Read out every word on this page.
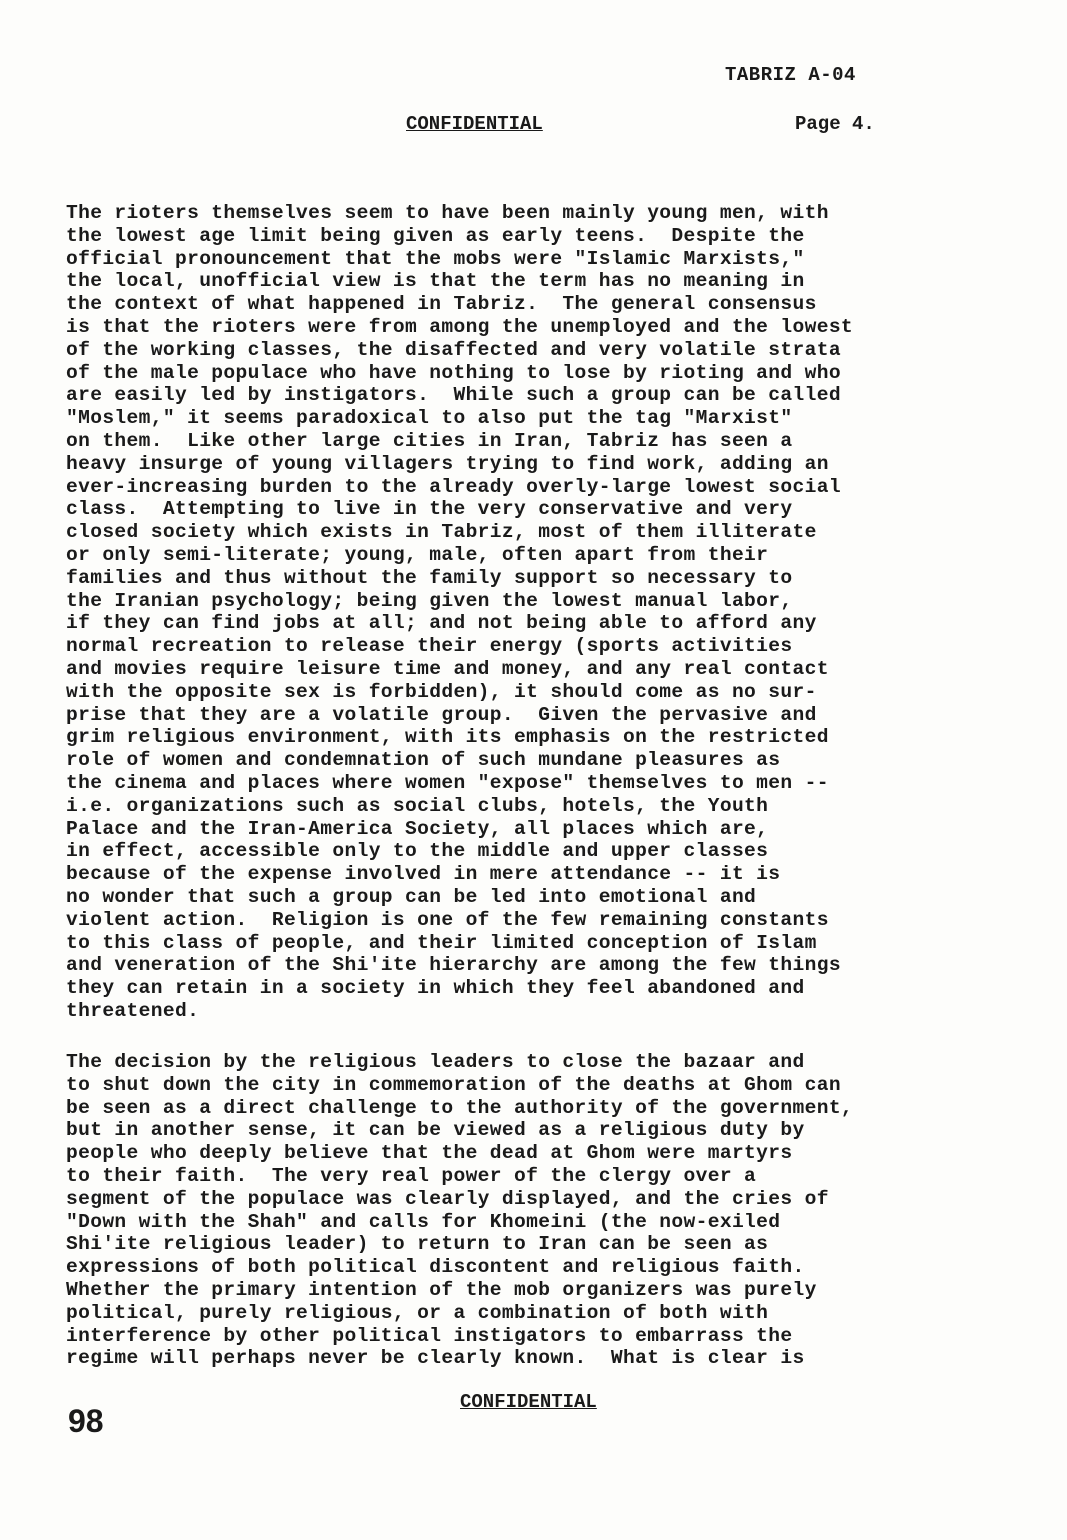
TABRIZ A-04
CONFIDENTIAL	Page 4.

The rioters themselves seem to have been mainly young men, with
the lowest age limit being given as early teens.  Despite the
official pronouncement that the mobs were "Islamic Marxists,"
the local, unofficial view is that the term has no meaning in
the context of what happened in Tabriz.  The general consensus
is that the rioters were from among the unemployed and the lowest
of the working classes, the disaffected and very volatile strata
of the male populace who have nothing to lose by rioting and who
are easily led by instigators.  While such a group can be called
"Moslem," it seems paradoxical to also put the tag "Marxist"
on them.  Like other large cities in Iran, Tabriz has seen a
heavy insurge of young villagers trying to find work, adding an
ever-increasing burden to the already overly-large lowest social
class.  Attempting to live in the very conservative and very
closed society which exists in Tabriz, most of them illiterate
or only semi-literate; young, male, often apart from their
families and thus without the family support so necessary to
the Iranian psychology; being given the lowest manual labor,
if they can find jobs at all; and not being able to afford any
normal recreation to release their energy (sports activities
and movies require leisure time and money, and any real contact
with the opposite sex is forbidden), it should come as no sur-
prise that they are a volatile group.  Given the pervasive and
grim religious environment, with its emphasis on the restricted
role of women and condemnation of such mundane pleasures as
the cinema and places where women "expose" themselves to men --
i.e. organizations such as social clubs, hotels, the Youth
Palace and the Iran-America Society, all places which are,
in effect, accessible only to the middle and upper classes
because of the expense involved in mere attendance -- it is
no wonder that such a group can be led into emotional and
violent action.  Religion is one of the few remaining constants
to this class of people, and their limited conception of Islam
and veneration of the Shi'ite hierarchy are among the few things
they can retain in a society in which they feel abandoned and
threatened.

The decision by the religious leaders to close the bazaar and
to shut down the city in commemoration of the deaths at Ghom can
be seen as a direct challenge to the authority of the government,
but in another sense, it can be viewed as a religious duty by
people who deeply believe that the dead at Ghom were martyrs
to their faith.  The very real power of the clergy over a
segment of the populace was clearly displayed, and the cries of
"Down with the Shah" and calls for Khomeini (the now-exiled
Shi'ite religious leader) to return to Iran can be seen as
expressions of both political discontent and religious faith.
Whether the primary intention of the mob organizers was purely
political, purely religious, or a combination of both with
interference by other political instigators to embarrass the
regime will perhaps never be clearly known.  What is clear is

CONFIDENTIAL
98
